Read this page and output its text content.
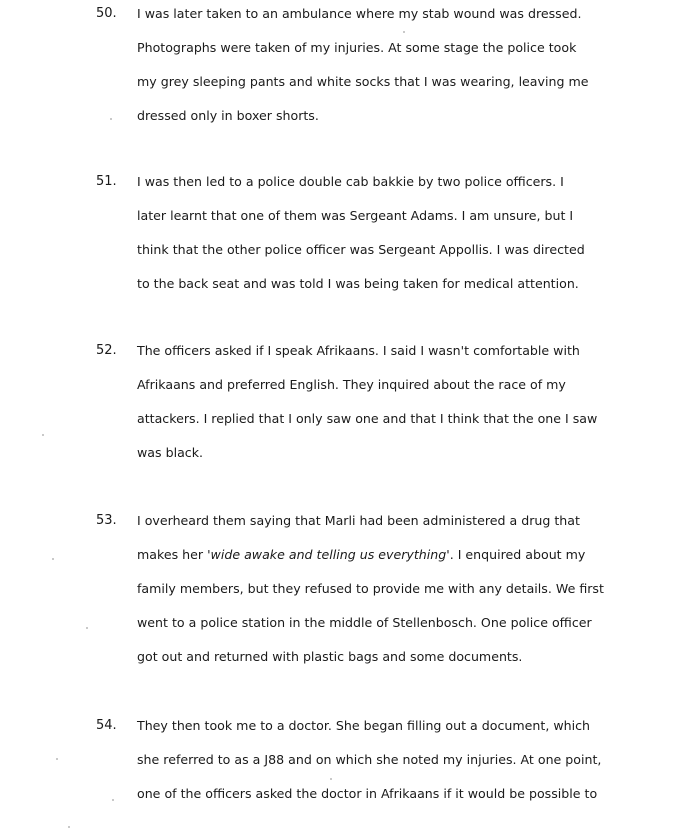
50. I was later taken to an ambulance where my stab wound was dressed.
Photographs were taken of my injuries. At some stage the police took
my grey sleeping pants and white socks that I was wearing, leaving me
dressed only in boxer shorts.
51. I was then led to a police double cab bakkie by two police officers. I
later learnt that one of them was Sergeant Adams. I am unsure, but I
think that the other police officer was Sergeant Appollis. I was directed
to the back seat and was told I was being taken for medical attention.
52. The officers asked if I speak Afrikaans. I said I wasn't comfortable with
Afrikaans and preferred English. They inquired about the race of my
attackers. I replied that I only saw one and that I think that the one I saw
was black.
53. I overheard them saying that Marli had been administered a drug that
makes her 'wide awake and telling us everything'. I enquired about my
family members, but they refused to provide me with any details. We first
went to a police station in the middle of Stellenbosch. One police officer
got out and returned with plastic bags and some documents.
54. They then took me to a doctor. She began filling out a document, which
she referred to as a J88 and on which she noted my injuries. At one point,
one of the officers asked the doctor in Afrikaans if it would be possible to
